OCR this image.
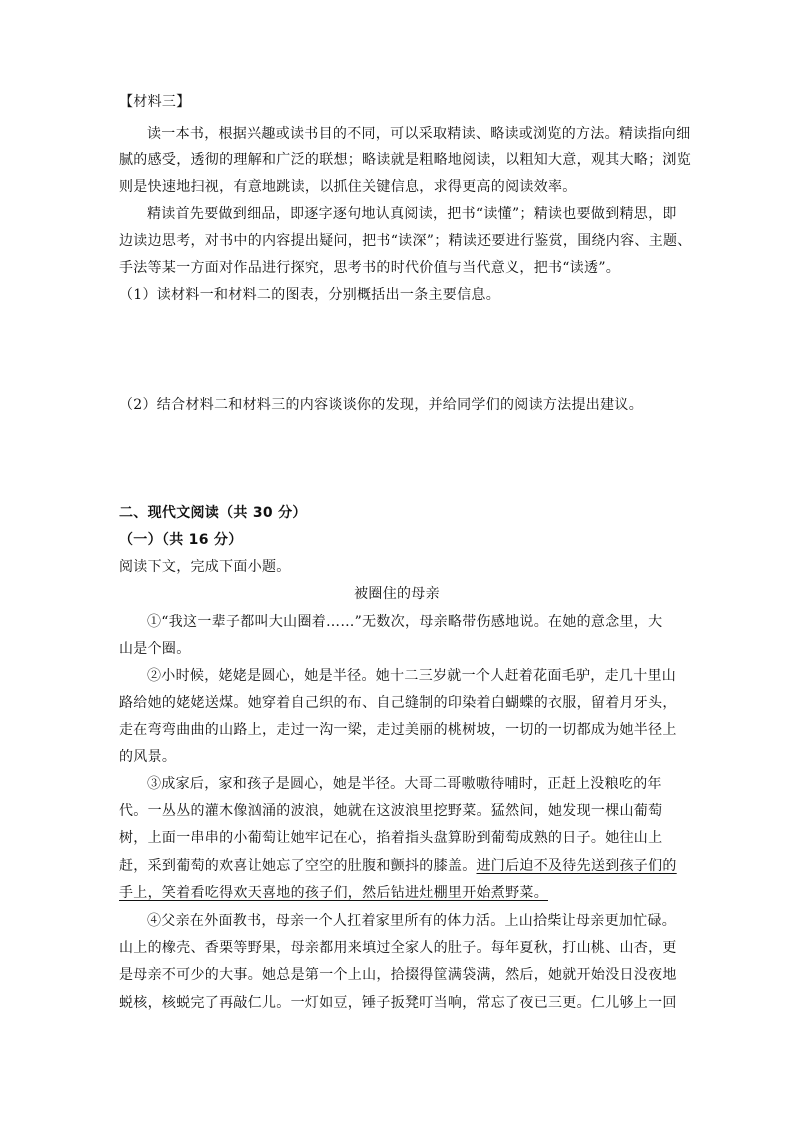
【材料三】
读一本书，根据兴趣或读书目的不同，可以采取精读、略读或浏览的方法。精读指向细
腻的感受，透彻的理解和广泛的联想；略读就是粗略地阅读，以粗知大意，观其大略；浏览
则是快速地扫视，有意地跳读，以抓住关键信息，求得更高的阅读效率。
精读首先要做到细品，即逐字逐句地认真阅读，把书“读懂”；精读也要做到精思，即
边读边思考，对书中的内容提出疑问，把书“读深”；精读还要进行鉴赏，围绕内容、主题、
手法等某一方面对作品进行探究，思考书的时代价值与当代意义，把书“读透”。
（1）读材料一和材料二的图表，分别概括出一条主要信息。
（2）结合材料二和材料三的内容谈谈你的发现，并给同学们的阅读方法提出建议。
二、现代文阅读（共 30 分）
（一）（共 16 分）
阅读下文，完成下面小题。
被圈住的母亲
①“我这一辈子都叫大山圈着……”无数次，母亲略带伤感地说。在她的意念里，大
山是个圈。
②小时候，姥姥是圆心，她是半径。她十二三岁就一个人赶着花面毛驴，走几十里山
路给她的姥姥送煤。她穿着自己织的布、自己缝制的印染着白蝴蝶的衣服，留着月牙头，
走在弯弯曲曲的山路上，走过一沟一梁，走过美丽的桃树坡，一切的一切都成为她半径上
的风景。
③成家后，家和孩子是圆心，她是半径。大哥二哥嗷嗷待哺时，正赶上没粮吃的年
代。一丛丛的灌木像汹涌的波浪，她就在这波浪里挖野菜。猛然间，她发现一棵山葡萄
树，上面一串串的小葡萄让她牢记在心，掐着指头盘算盼到葡萄成熟的日子。她往山上
赶，采到葡萄的欢喜让她忘了空空的肚腹和颤抖的膝盖。进门后迫不及待先送到孩子们的
手上，笑着看吃得欢天喜地的孩子们，然后钻进灶棚里开始煮野菜。
④父亲在外面教书，母亲一个人扛着家里所有的体力活。上山拾柴让母亲更加忙碌。
山上的橡壳、香栗等野果，母亲都用来填过全家人的肚子。每年夏秋，打山桃、山杏，更
是母亲不可少的大事。她总是第一个上山，拾掇得筐满袋满，然后，她就开始没日没夜地
蜕核，核蜕完了再敲仁儿。一灯如豆，锤子扳凳叮当响，常忘了夜已三更。仁儿够上一回
